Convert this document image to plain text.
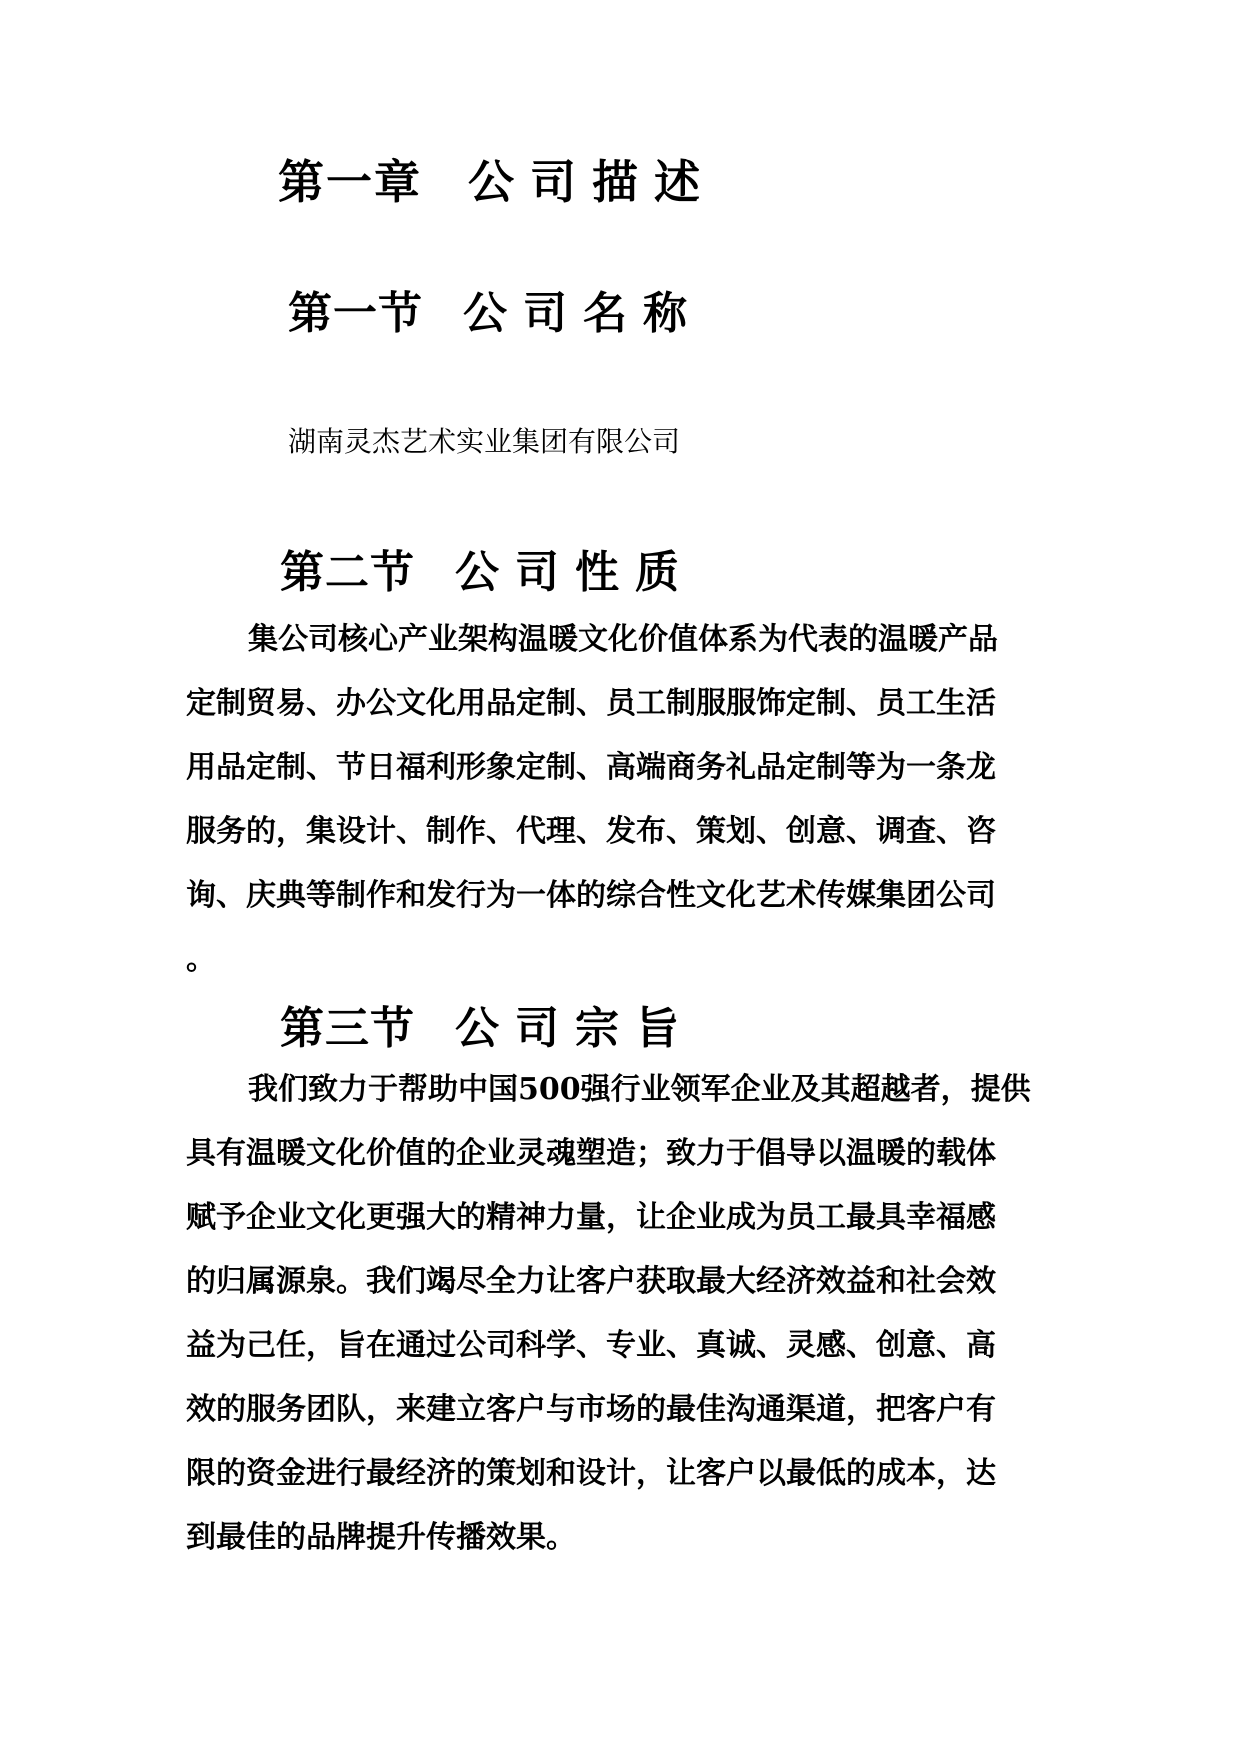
第一章 公司描述
第一节 公司名称
湖南灵杰艺术实业集团有限公司
第二节 公司性质
集公司核心产业架构温暖文化价值体系为代表的温暖产品
定制贸易、办公文化用品定制、员工制服服饰定制、员工生活
用品定制、节日福利形象定制、高端商务礼品定制等为一条龙
服务的，集设计、制作、代理、发布、策划、创意、调查、咨
询、庆典等制作和发行为一体的综合性文化艺术传媒集团公司
。
第三节 公司宗旨
我们致力于帮助中国500强行业领军企业及其超越者，提供
具有温暖文化价值的企业灵魂塑造；致力于倡导以温暖的载体
赋予企业文化更强大的精神力量，让企业成为员工最具幸福感
的归属源泉。我们竭尽全力让客户获取最大经济效益和社会效
益为己任，旨在通过公司科学、专业、真诚、灵感、创意、高
效的服务团队，来建立客户与市场的最佳沟通渠道，把客户有
限的资金进行最经济的策划和设计，让客户以最低的成本，达
到最佳的品牌提升传播效果。
